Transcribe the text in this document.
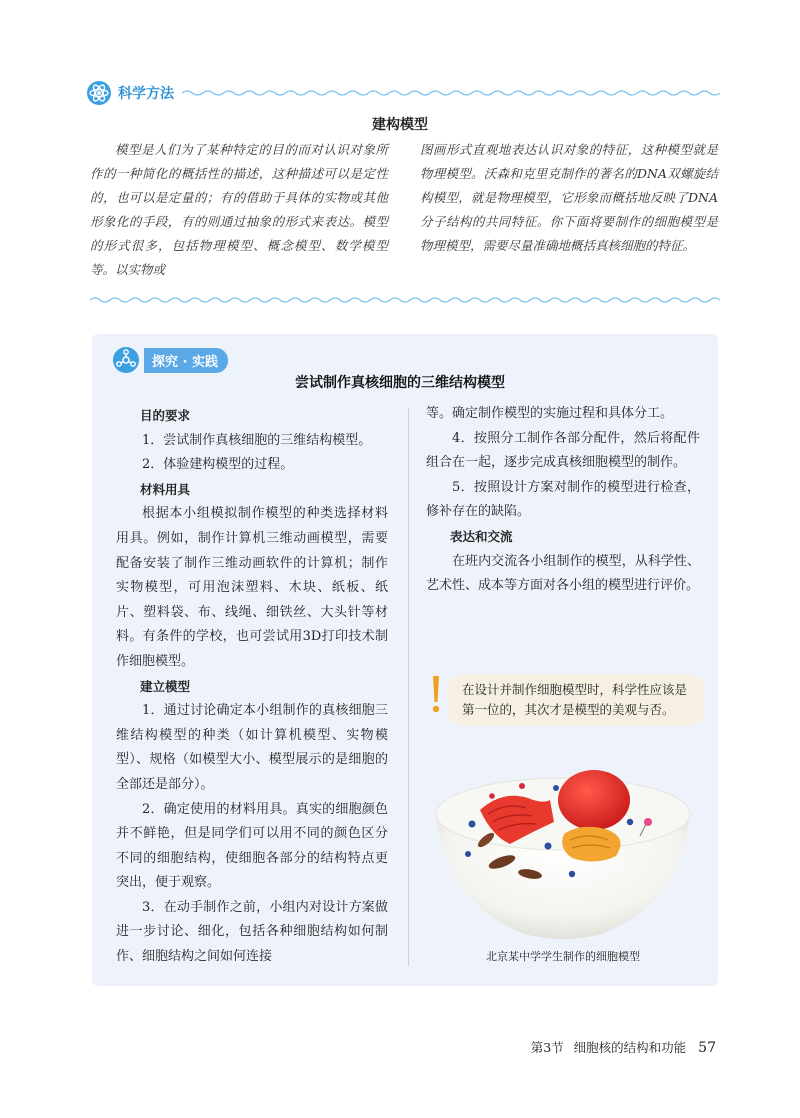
科学方法
建构模型

模型是人们为了某种特定的目的而对认识对象所作的一种简化的概括性的描述，这种描述可以是定性的，也可以是定量的；有的借助于具体的实物或其他形象化的手段，有的则通过抽象的形式来表达。模型的形式很多，包括物理模型、概念模型、数学模型等。以实物或

图画形式直观地表达认识对象的特征，这种模型就是物理模型。沃森和克里克制作的著名的DNA双螺旋结构模型，就是物理模型，它形象而概括地反映了DNA分子结构的共同特征。你下面将要制作的细胞模型是物理模型，需要尽量准确地概括真核细胞的特征。

探究 · 实践
尝试制作真核细胞的三维结构模型
目的要求
1．尝试制作真核细胞的三维结构模型。
2．体验建构模型的过程。
材料用具
根据本小组模拟制作模型的种类选择材料用具。例如，制作计算机三维动画模型，需要配备安装了制作三维动画软件的计算机；制作实物模型，可用泡沫塑料、木块、纸板、纸片、塑料袋、布、线绳、细铁丝、大头针等材料。有条件的学校，也可尝试用3D打印技术制作细胞模型。
建立模型
1．通过讨论确定本小组制作的真核细胞三维结构模型的种类（如计算机模型、实物模型）、规格（如模型大小、模型展示的是细胞的全部还是部分）。
2．确定使用的材料用具。真实的细胞颜色并不鲜艳，但是同学们可以用不同的颜色区分不同的细胞结构，使细胞各部分的结构特点更突出，便于观察。
3．在动手制作之前，小组内对设计方案做进一步讨论、细化，包括各种细胞结构如何制作、细胞结构之间如何连接
等。确定制作模型的实施过程和具体分工。
4．按照分工制作各部分配件，然后将配件组合在一起，逐步完成真核细胞模型的制作。
5．按照设计方案对制作的模型进行检查，修补存在的缺陷。
表达和交流
在班内交流各小组制作的模型，从科学性、艺术性、成本等方面对各小组的模型进行评价。
在设计并制作细胞模型时，科学性应该是第一位的，其次才是模型的美观与否。
北京某中学学生制作的细胞模型
第3节 细胞核的结构和功能 57
